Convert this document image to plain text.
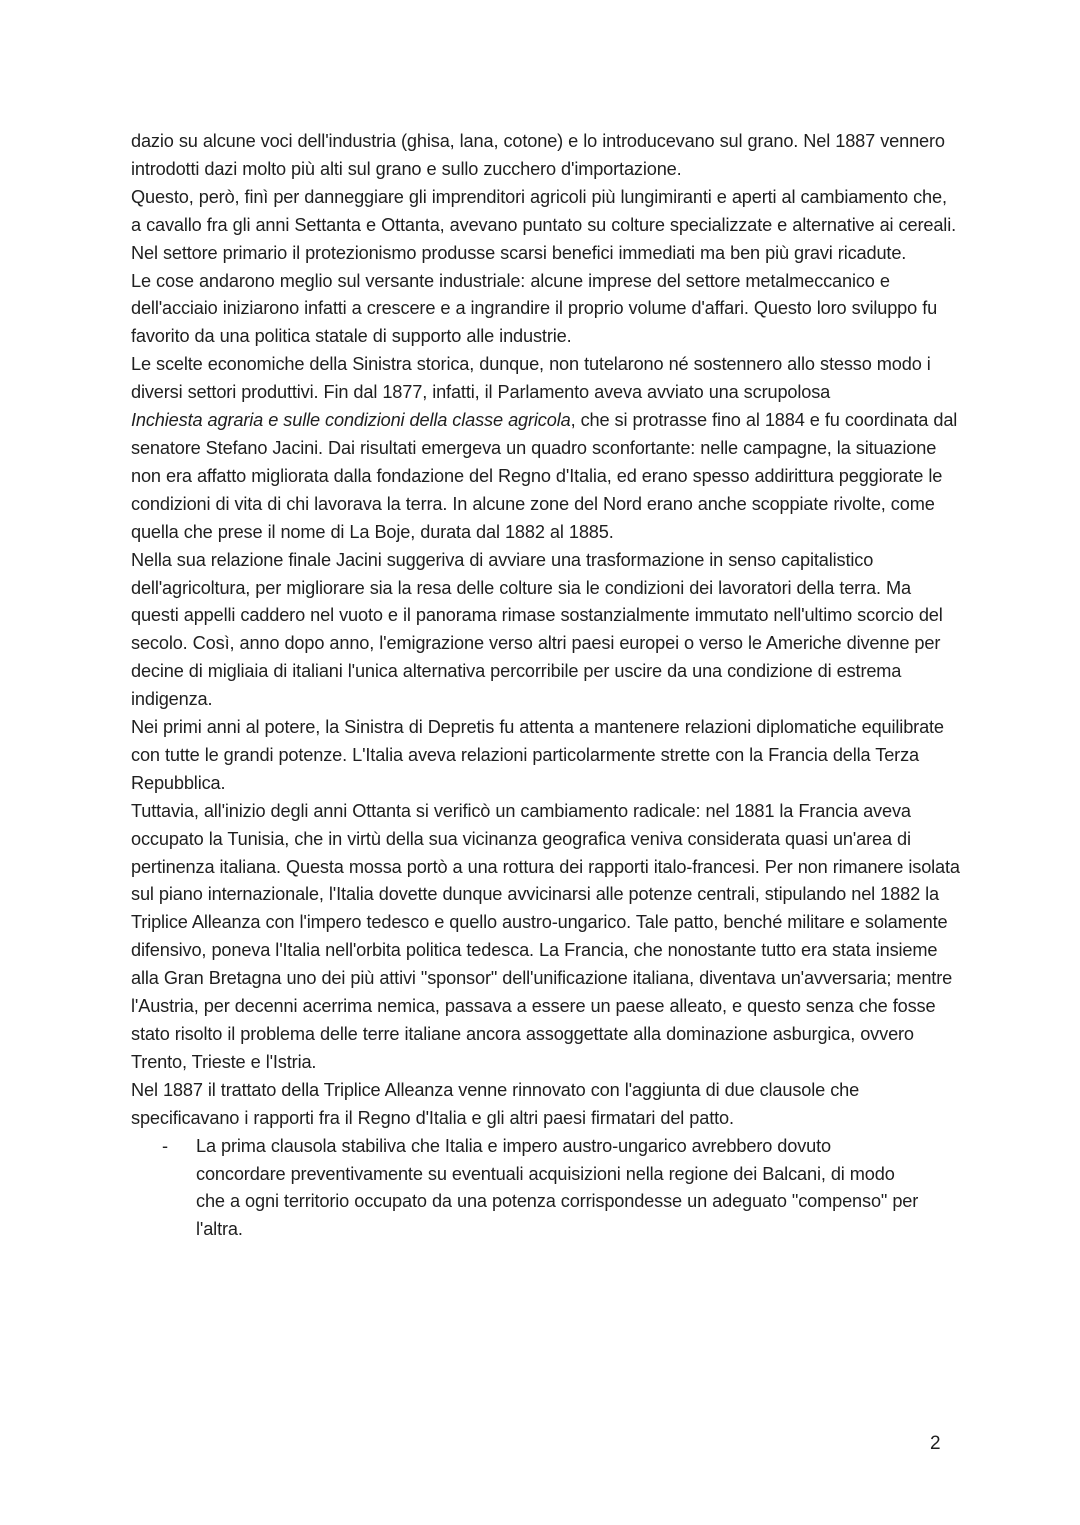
dazio su alcune voci dell'industria (ghisa, lana, cotone) e lo introducevano sul grano. Nel 1887 vennero introdotti dazi molto più alti sul grano e sullo zucchero d'importazione.

Questo, però, finì per danneggiare gli imprenditori agricoli più lungimiranti e aperti al cambiamento che, a cavallo fra gli anni Settanta e Ottanta, avevano puntato su colture specializzate e alternative ai cereali. Nel settore primario il protezionismo produsse scarsi benefici immediati ma ben più gravi ricadute.

Le cose andarono meglio sul versante industriale: alcune imprese del settore metalmeccanico e dell'acciaio iniziarono infatti a crescere e a ingrandire il proprio volume d'affari. Questo loro sviluppo fu favorito da una politica statale di supporto alle industrie.

Le scelte economiche della Sinistra storica, dunque, non tutelarono né sostennero allo stesso modo i diversi settori produttivi. Fin dal 1877, infatti, il Parlamento aveva avviato una scrupolosa

Inchiesta agraria e sulle condizioni della classe agricola, che si protrasse fino al 1884 e fu coordinata dal senatore Stefano Jacini. Dai risultati emergeva un quadro sconfortante: nelle campagne, la situazione non era affatto migliorata dalla fondazione del Regno d'Italia, ed erano spesso addirittura peggiorate le condizioni di vita di chi lavorava la terra. In alcune zone del Nord erano anche scoppiate rivolte, come quella che prese il nome di La Boje, durata dal 1882 al 1885.

Nella sua relazione finale Jacini suggeriva di avviare una trasformazione in senso capitalistico dell'agricoltura, per migliorare sia la resa delle colture sia le condizioni dei lavoratori della terra. Ma questi appelli caddero nel vuoto e il panorama rimase sostanzialmente immutato nell'ultimo scorcio del secolo. Così, anno dopo anno, l'emigrazione verso altri paesi europei o verso le Americhe divenne per decine di migliaia di italiani l'unica alternativa percorribile per uscire da una condizione di estrema indigenza.

Nei primi anni al potere, la Sinistra di Depretis fu attenta a mantenere relazioni diplomatiche equilibrate con tutte le grandi potenze. L'Italia aveva relazioni particolarmente strette con la Francia della Terza Repubblica.

Tuttavia, all'inizio degli anni Ottanta si verificò un cambiamento radicale: nel 1881 la Francia aveva occupato la Tunisia, che in virtù della sua vicinanza geografica veniva considerata quasi un'area di pertinenza italiana. Questa mossa portò a una rottura dei rapporti italo-francesi. Per non rimanere isolata sul piano internazionale, l'Italia dovette dunque avvicinarsi alle potenze centrali, stipulando nel 1882 la Triplice Alleanza con l'impero tedesco e quello austro-ungarico. Tale patto, benché militare e solamente difensivo, poneva l'Italia nell'orbita politica tedesca. La Francia, che nonostante tutto era stata insieme alla Gran Bretagna uno dei più attivi "sponsor" dell'unificazione italiana, diventava un'avversaria; mentre l'Austria, per decenni acerrima nemica, passava a essere un paese alleato, e questo senza che fosse stato risolto il problema delle terre italiane ancora assoggettate alla dominazione asburgica, ovvero Trento, Trieste e l'Istria.

Nel 1887 il trattato della Triplice Alleanza venne rinnovato con l'aggiunta di due clausole che specificavano i rapporti fra il Regno d'Italia e gli altri paesi firmatari del patto.

- La prima clausola stabiliva che Italia e impero austro-ungarico avrebbero dovuto concordare preventivamente su eventuali acquisizioni nella regione dei Balcani, di modo che a ogni territorio occupato da una potenza corrispondesse un adeguato "compenso" per l'altra.
2
